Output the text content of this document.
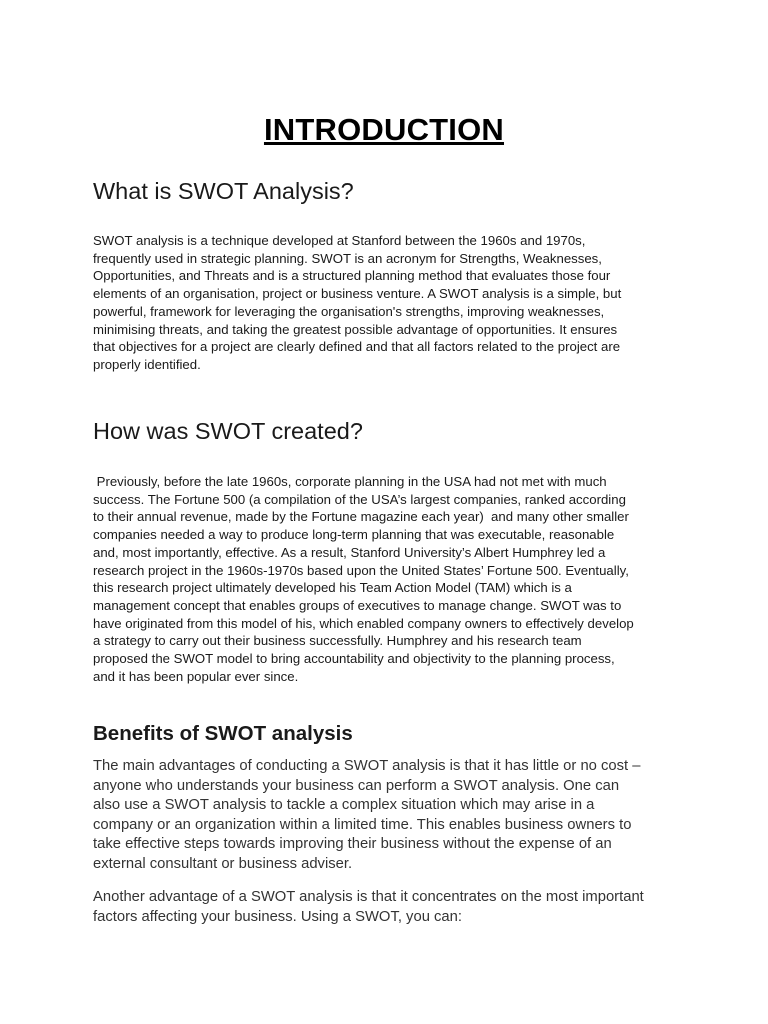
INTRODUCTION
What is SWOT Analysis?

SWOT analysis is a technique developed at Stanford between the 1960s and 1970s,
frequently used in strategic planning. SWOT is an acronym for Strengths, Weaknesses,
Opportunities, and Threats and is a structured planning method that evaluates those four
elements of an organisation, project or business venture. A SWOT analysis is a simple, but
powerful, framework for leveraging the organisation's strengths, improving weaknesses,
minimising threats, and taking the greatest possible advantage of opportunities. It ensures
that objectives for a project are clearly defined and that all factors related to the project are
properly identified.

How was SWOT created?

Previously, before the late 1960s, corporate planning in the USA had not met with much
success. The Fortune 500 (a compilation of the USA’s largest companies, ranked according
to their annual revenue, made by the Fortune magazine each year)  and many other smaller
companies needed a way to produce long-term planning that was executable, reasonable
and, most importantly, effective. As a result, Stanford University’s Albert Humphrey led a
research project in the 1960s-1970s based upon the United States’ Fortune 500. Eventually,
this research project ultimately developed his Team Action Model (TAM) which is a
management concept that enables groups of executives to manage change. SWOT was to
have originated from this model of his, which enabled company owners to effectively develop
a strategy to carry out their business successfully. Humphrey and his research team
proposed the SWOT model to bring accountability and objectivity to the planning process,
and it has been popular ever since.

Benefits of SWOT analysis

The main advantages of conducting a SWOT analysis is that it has little or no cost –
anyone who understands your business can perform a SWOT analysis. One can
also use a SWOT analysis to tackle a complex situation which may arise in a
company or an organization within a limited time. This enables business owners to
take effective steps towards improving their business without the expense of an
external consultant or business adviser.

Another advantage of a SWOT analysis is that it concentrates on the most important
factors affecting your business. Using a SWOT, you can:
